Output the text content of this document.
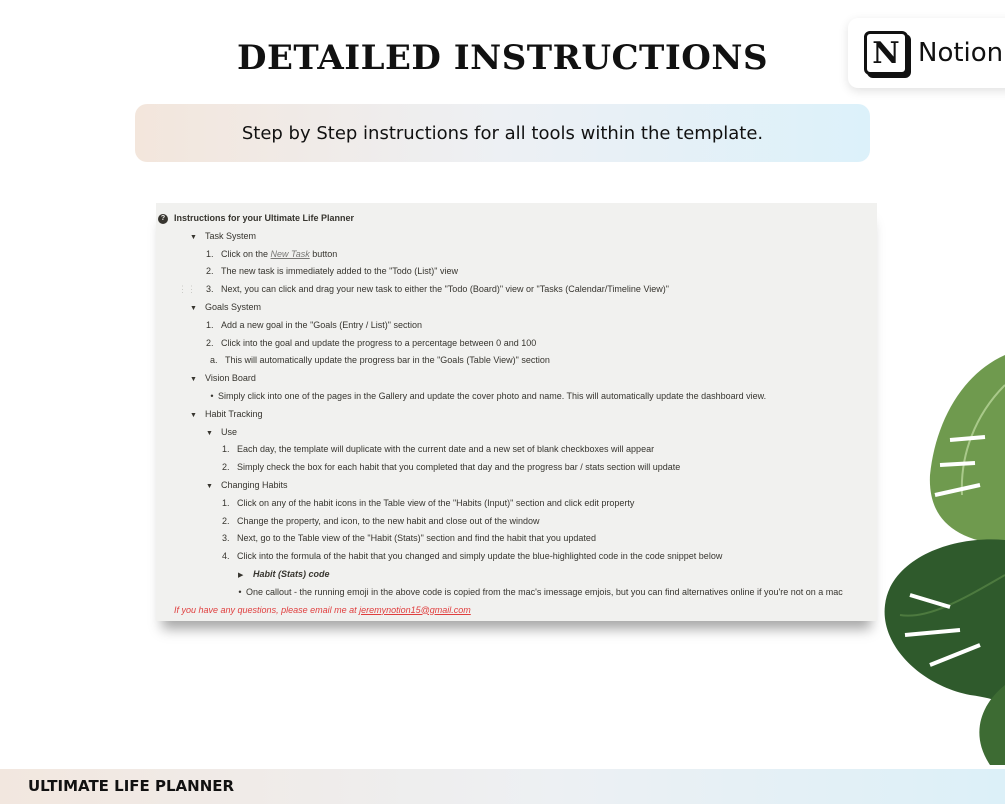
DETAILED INSTRUCTIONS	N Notion
Step by Step instructions for all tools within the template.
? Instructions for your Ultimate Life Planner
▼ Task System
1. Click on the New Task button
2. The new task is immediately added to the "Todo (List)" view
⋮⋮ 3. Next, you can click and drag your new task to either the "Todo (Board)" view or "Tasks (Calendar/Timeline View)"
▼ Goals System
1. Add a new goal in the "Goals (Entry / List)" section
2. Click into the goal and update the progress to a percentage between 0 and 100
a. This will automatically update the progress bar in the "Goals (Table View)" section
▼ Vision Board
• Simply click into one of the pages in the Gallery and update the cover photo and name. This will automatically update the dashboard view.
▼ Habit Tracking
▼ Use
1. Each day, the template will duplicate with the current date and a new set of blank checkboxes will appear
2. Simply check the box for each habit that you completed that day and the progress bar / stats section will update
▼ Changing Habits
1. Click on any of the habit icons in the Table view of the "Habits (Input)" section and click edit property
2. Change the property, and icon, to the new habit and close out of the window
3. Next, go to the Table view of the "Habit (Stats)" section and find the habit that you updated
4. Click into the formula of the habit that you changed and simply update the blue-highlighted code in the code snippet below
▶ Habit (Stats) code
• One callout - the running emoji in the above code is copied from the mac's imessage emjois, but you can find alternatives online if you're not on a mac
If you have any questions, please email me at jeremynotion15@gmail.com
ULTIMATE LIFE PLANNER
